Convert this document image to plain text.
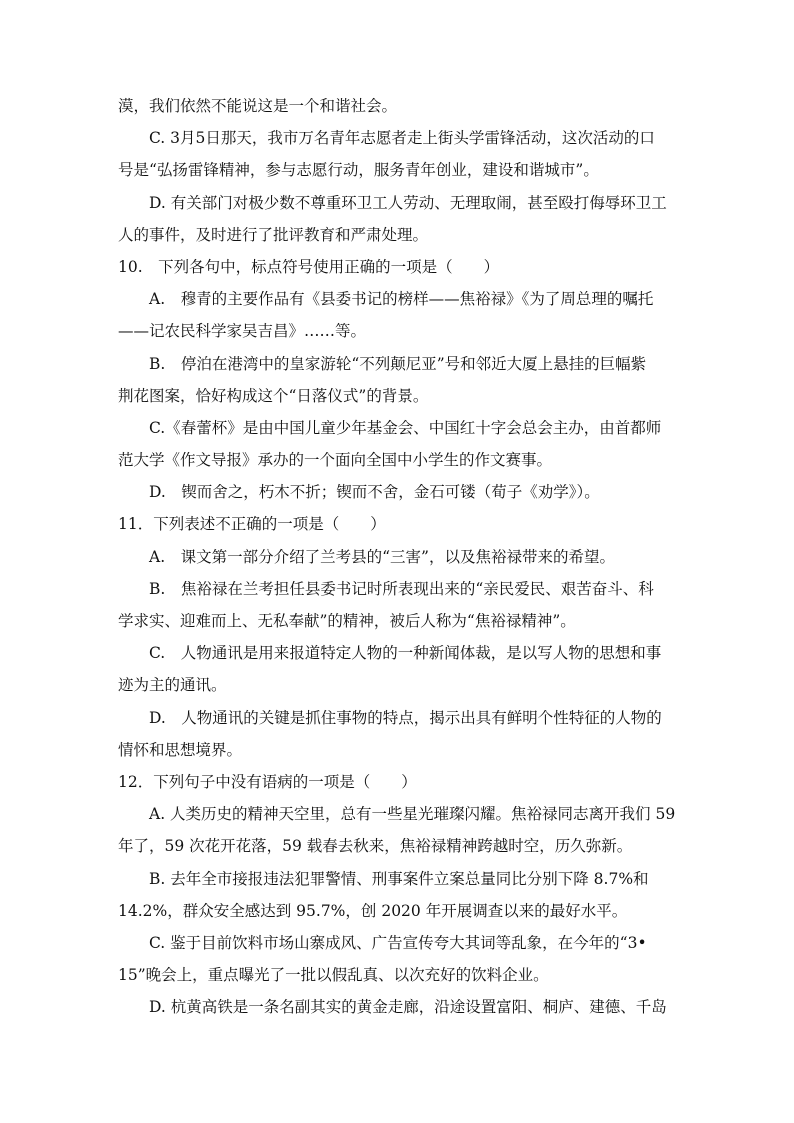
漠，我们依然不能说这是一个和谐社会。
C. 3月5日那天，我市万名青年志愿者走上街头学雷锋活动，这次活动的口
号是“弘扬雷锋精神，参与志愿行动，服务青年创业，建设和谐城市”。
D. 有关部门对极少数不尊重环卫工人劳动、无理取闹，甚至殴打侮辱环卫工
人的事件，及时进行了批评教育和严肃处理。
10.　下列各句中，标点符号使用正确的一项是（　　）
A.　穆青的主要作品有《县委书记的榜样——焦裕禄》《为了周总理的嘱托
——记农民科学家吴吉昌》……等。
B.　停泊在港湾中的皇家游轮“不列颠尼亚”号和邻近大厦上悬挂的巨幅紫
荆花图案，恰好构成这个“日落仪式”的背景。
C.《春蕾杯》是由中国儿童少年基金会、中国红十字会总会主办，由首都师
范大学《作文导报》承办的一个面向全国中小学生的作文赛事。
D.　锲而舍之，朽木不折；锲而不舍，金石可镂（荀子《劝学》）。
11．下列表述不正确的一项是（　　）
A.　课文第一部分介绍了兰考县的“三害”，以及焦裕禄带来的希望。
B.　焦裕禄在兰考担任县委书记时所表现出来的“亲民爱民、艰苦奋斗、科
学求实、迎难而上、无私奉献”的精神，被后人称为“焦裕禄精神”。
C.　人物通讯是用来报道特定人物的一种新闻体裁，是以写人物的思想和事
迹为主的通讯。
D.　人物通讯的关键是抓住事物的特点，揭示出具有鲜明个性特征的人物的
情怀和思想境界。
12．下列句子中没有语病的一项是（　　）
A. 人类历史的精神天空里，总有一些星光璀璨闪耀。焦裕禄同志离开我们 59
年了，59 次花开花落，59 载春去秋来，焦裕禄精神跨越时空，历久弥新。
B. 去年全市接报违法犯罪警情、刑事案件立案总量同比分别下降 8.7%和
14.2%，群众安全感达到 95.7%，创 2020 年开展调查以来的最好水平。
C. 鉴于目前饮料市场山寨成风、广告宣传夸大其词等乱象，在今年的“3•
15”晚会上，重点曝光了一批以假乱真、以次充好的饮料企业。
D. 杭黄高铁是一条名副其实的黄金走廊，沿途设置富阳、桐庐、建德、千岛
